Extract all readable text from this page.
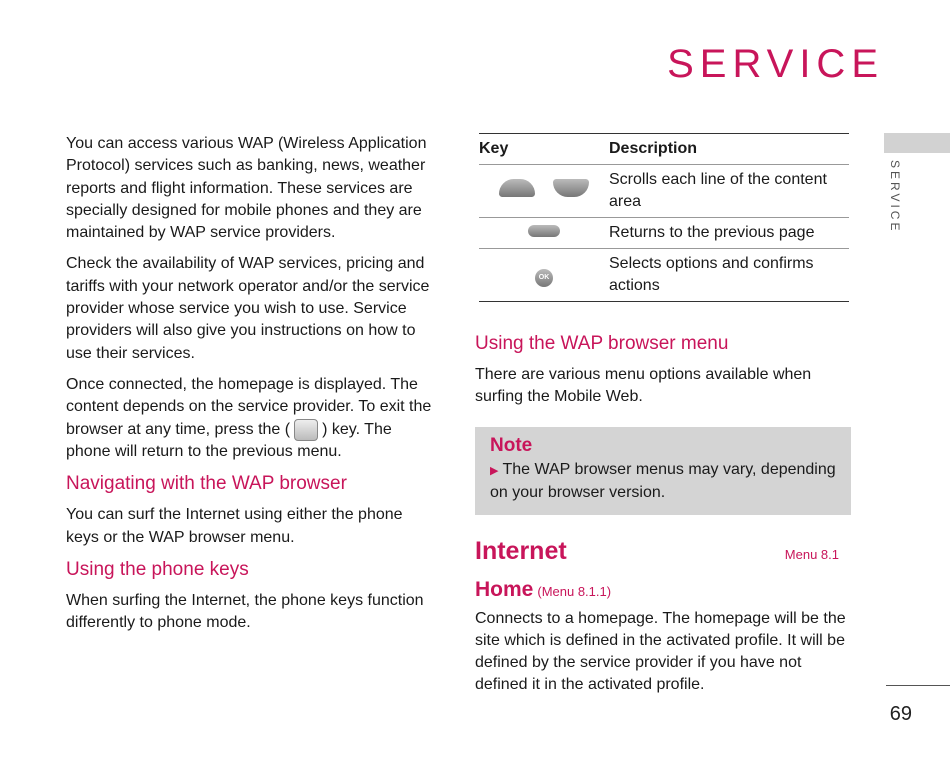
SERVICE
SERVICE

You can access various WAP (Wireless Application Protocol) services such as banking, news, weather reports and flight information. These services are specially designed for mobile phones and they are maintained by WAP service providers.

Check the availability of WAP services, pricing and tariffs with your network operator and/or the service provider whose service you wish to use. Service providers will also give you instructions on how to use their services.

Once connected, the homepage is displayed. The content depends on the service provider. To exit the browser at any time, press the ( ) key. The phone will return to the previous menu.

Navigating with the WAP browser

You can surf the Internet using either the phone keys or the WAP browser menu.

Using the phone keys

When surfing the Internet, the phone keys function differently to phone mode.

Key	Description
	Scrolls each line of the content area
	Returns to the previous page
OK	Selects options and confirms actions
Using the WAP browser menu

There are various menu options available when surfing the Mobile Web.

Note
▶ The WAP browser menus may vary, depending on your browser version.
Internet	Menu 8.1
Home (Menu 8.1.1)

Connects to a homepage. The homepage will be the site which is defined in the activated profile. It will be defined by the service provider if you have not defined it in the activated profile.

69
